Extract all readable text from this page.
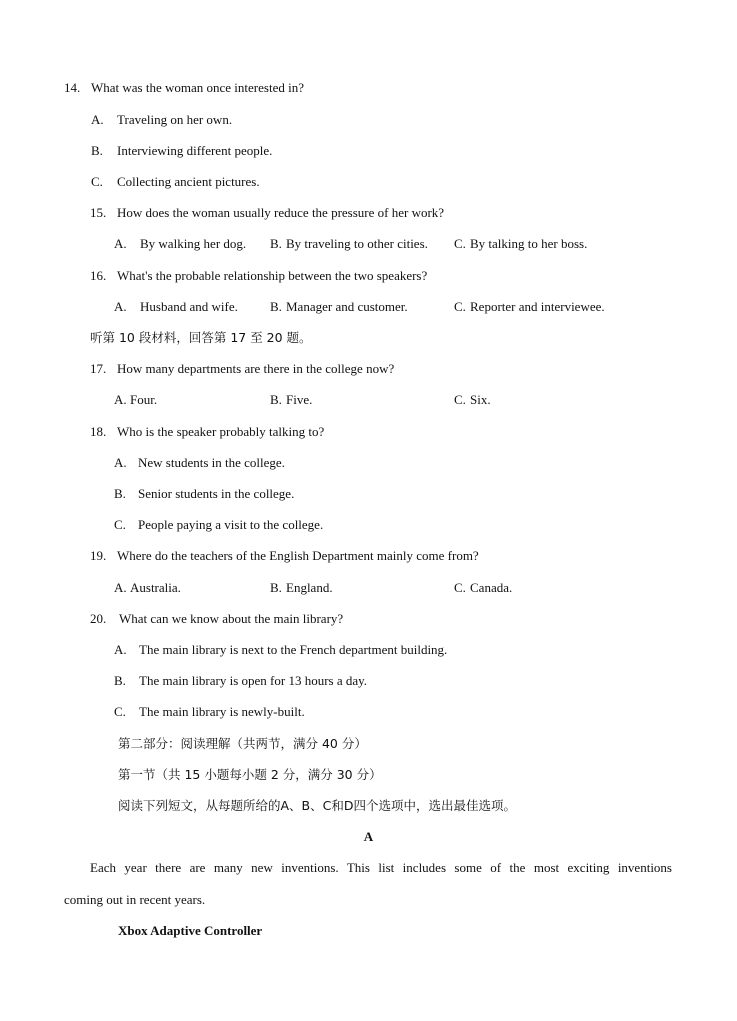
14. What was the woman once interested in?
A. Traveling on her own.
B. Interviewing different people.
C. Collecting ancient pictures.
15. How does the woman usually reduce the pressure of her work?
A. By walking her dog. B. By traveling to other cities. C. By talking to her boss.
16. What's the probable relationship between the two speakers?
A. Husband and wife. B. Manager and customer.	C. Reporter and interviewee.
听第 10 段材料，回答第 17 至 20 题。
17. How many departments are there in the college now?
A. Four.	B. Five.	C. Six.
18. Who is the speaker probably talking to?
A. New students in the college.
B. Senior students in the college.
C. People paying a visit to the college.
19. Where do the teachers of the English Department mainly come from?
A. Australia.	B. England.	C. Canada.
20. What can we know about the main library?
A. The main library is next to the French department building.
B. The main library is open for 13 hours a day.
C. The main library is newly-built.
第二部分：阅读理解（共两节，满分 40 分）
第一节（共 15 小题每小题 2 分，满分 30 分）
阅读下列短文，从每题所给的A、B、C和D四个选项中，选出最佳选项。
A
Each year there are many new inventions. This list includes some of the most exciting inventions
coming out in recent years.
Xbox Adaptive Controller
